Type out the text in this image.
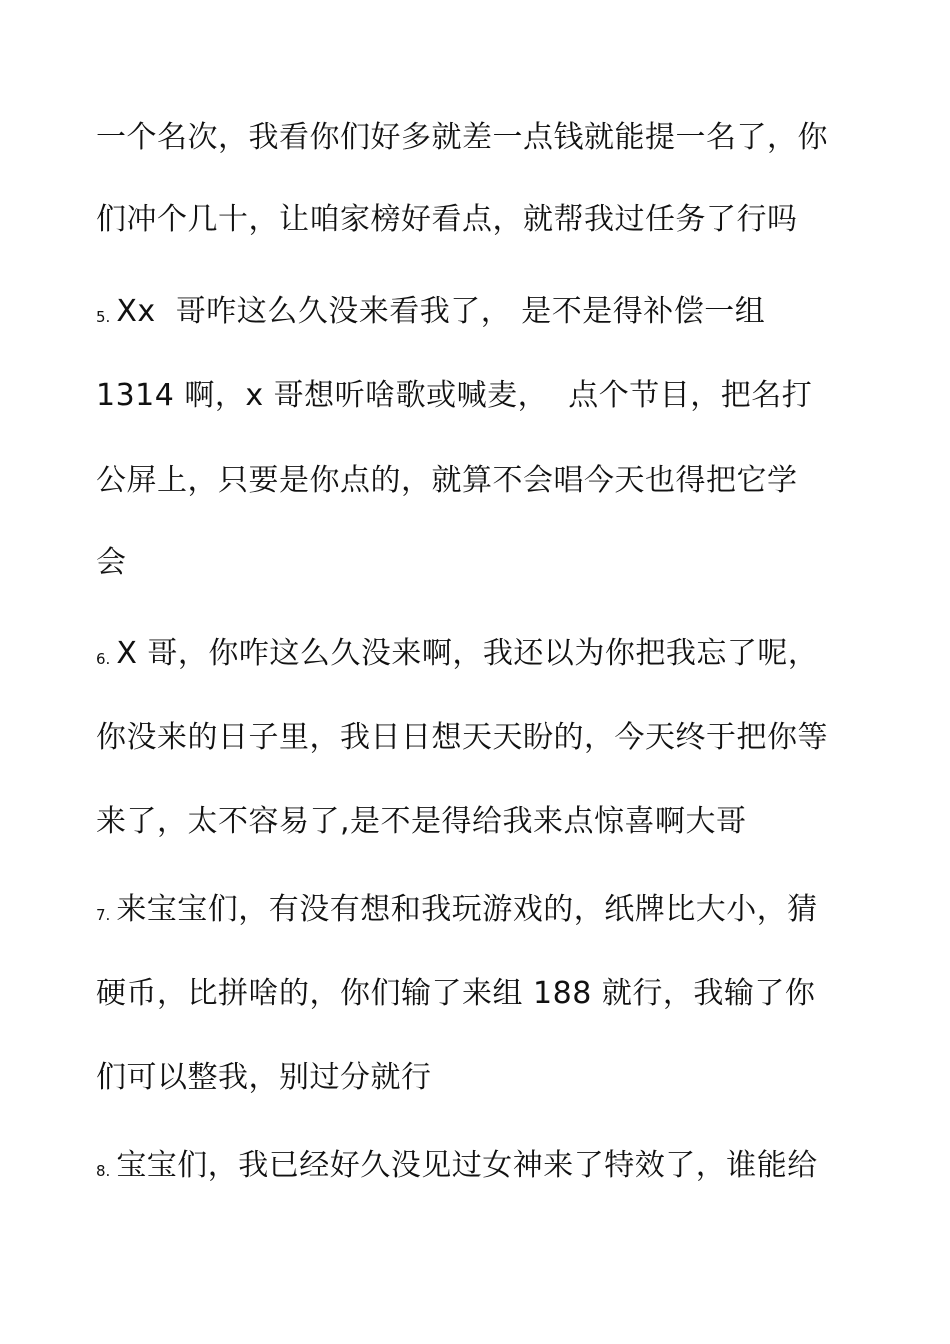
一个名次，我看你们好多就差一点钱就能提一名了，你
们冲个几十，让咱家榜好看点，就帮我过任务了行吗
5. Xx  哥咋这么久没来看我了， 是不是得补偿一组
1314 啊，x 哥想听啥歌或喊麦，  点个节目，把名打
公屏上，只要是你点的，就算不会唱今天也得把它学
会
6. X 哥，你咋这么久没来啊，我还以为你把我忘了呢，
你没来的日子里，我日日想天天盼的，今天终于把你等
来了，太不容易了,是不是得给我来点惊喜啊大哥
7. 来宝宝们，有没有想和我玩游戏的，纸牌比大小，猜
硬币，比拼啥的，你们输了来组 188 就行，我输了你
们可以整我，别过分就行
8. 宝宝们，我已经好久没见过女神来了特效了，谁能给
